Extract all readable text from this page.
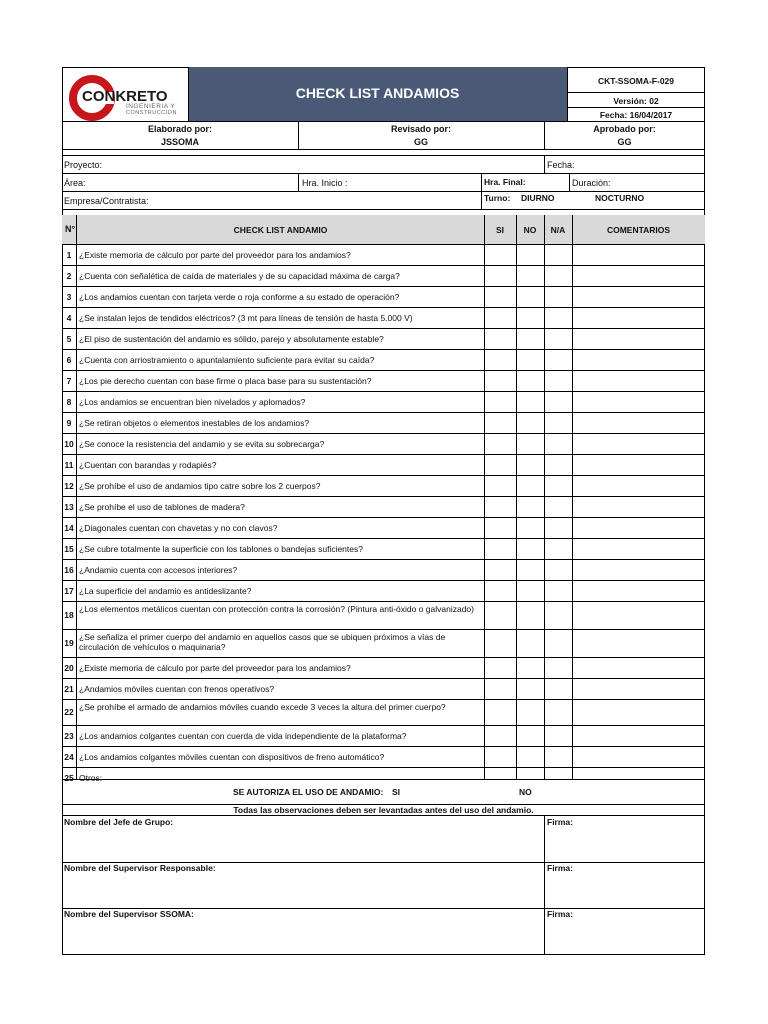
CONKRETO
INGENIERIA Y
CONSTRUCCION
CHECK LIST ANDAMIOS
CKT-SSOMA-F-029
Versión: 02
Fecha: 16/04/2017
Elaborado por:
JSSOMA
Revisado por:
GG
Aprobado por:
GG
Proyecto:	Fecha:
Área:	Hra. Inicio :	Hra. Final:	Duración:
Empresa/Contratista:	Turno: DIURNO	NOCTURNO
N°	CHECK LIST ANDAMIO	SI	NO	N/A	COMENTARIOS
1 ¿Existe memoria de cálculo por parte del proveedor para los andamios?
2 ¿Cuenta con señalética de caída de materiales y de su capacidad máxima de carga?
3 ¿Los andamios cuentan con tarjeta verde o roja conforme a su estado de operación?
4 ¿Se instalan lejos de tendidos eléctricos? (3 mt para líneas de tensión de hasta 5.000 V)
5 ¿El piso de sustentación del andamio es sólido, parejo y absolutamente estable?
6 ¿Cuenta con arriostramiento o apuntalamiento suficiente para evitar su caída?
7 ¿Los pie derecho cuentan con base firme o placa base para su sustentación?
8 ¿Los andamios se encuentran bien nivelados y aplomados?
9 ¿Se retiran objetos o elementos inestables de los andamios?
10 ¿Se conoce la resistencia del andamio y se evita su sobrecarga?
11 ¿Cuentan con barandas y rodapiés?
12 ¿Se prohíbe el uso de andamios tipo catre sobre los 2 cuerpos?
13 ¿Se prohíbe el uso de tablones de madera?
14 ¿Diagonales cuentan con chavetas y no con clavos?
15 ¿Se cubre totalmente la superficie con los tablones o bandejas suficientes?
16 ¿Andamio cuenta con accesos interiores?
17 ¿La superficie del andamio es antideslizante?
18
¿Los elementos metálicos cuentan con protección contra la corrosión? (Pintura anti-óxido o galvanizado)
19
¿Se señaliza el primer cuerpo del andamio en aquellos casos que se ubiquen próximos a vías de circulación de vehículos o maquinaria?
20 ¿Existe memoria de cálculo por parte del proveedor para los andamios?
21 ¿Andamios móviles cuentan con frenos operativos?
22 ¿Se prohíbe el armado de andamios móviles cuando excede 3 veces la altura del primer cuerpo?
23 ¿Los andamios colgantes cuentan con cuerda de vida independiente de la plataforma?
24 ¿Los andamios colgantes móviles cuentan con dispositivos de freno automático?
25 Otros:
SE AUTORIZA EL USO DE ANDAMIO: SI	NO
Todas las observaciones deben ser levantadas antes del uso del andamio.
Nombre del Jefe de Grupo:	Firma:
Nombre del Supervisor Responsable:	Firma:
Nombre del Supervisor SSOMA:	Firma:
